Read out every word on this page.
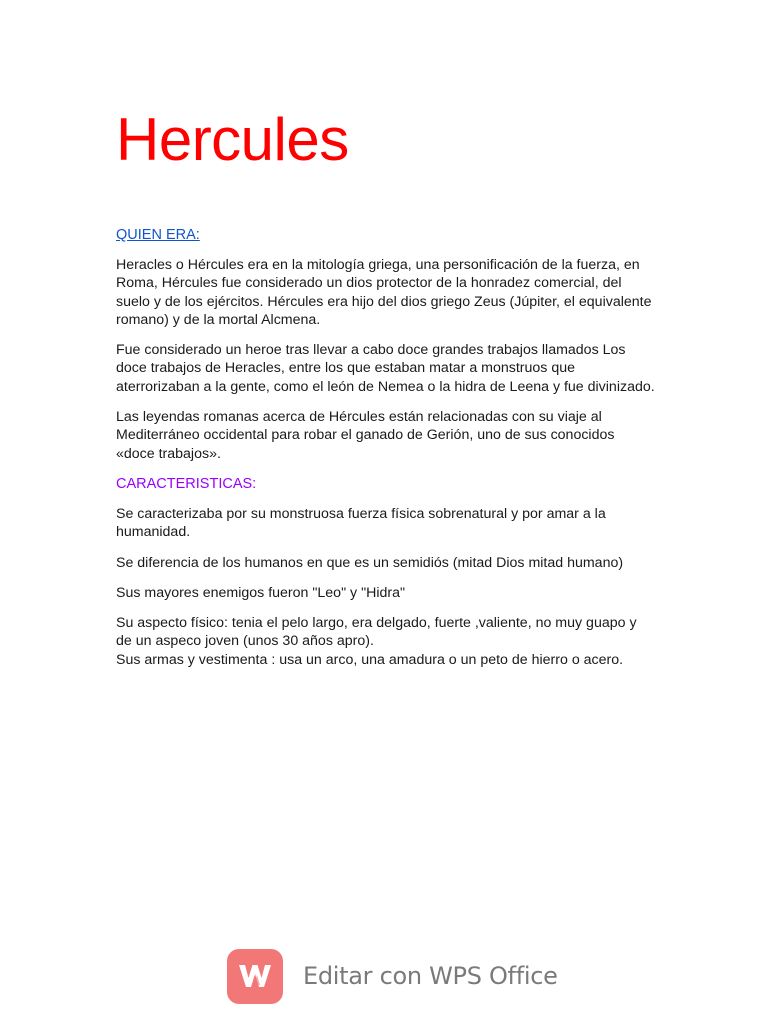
Hercules

QUIEN ERA:

Heracles o Hércules era en la mitología griega, una personificación de la fuerza, en Roma, Hércules fue considerado un dios protector de la honradez comercial, del suelo y de los ejércitos. Hércules era hijo del dios griego Zeus (Júpiter, el equivalente romano) y de la mortal Alcmena.

Fue considerado un heroe tras llevar a cabo doce grandes trabajos llamados Los doce trabajos de Heracles, entre los que estaban matar a monstruos que aterrorizaban a la gente, como el león de Nemea o la hidra de Leena y fue divinizado.

Las leyendas romanas acerca de Hércules están relacionadas con su viaje al Mediterráneo occidental para robar el ganado de Gerión, uno de sus conocidos «doce trabajos».

CARACTERISTICAS:

Se caracterizaba por su monstruosa fuerza física sobrenatural y por amar a la humanidad.

Se diferencia de los humanos en que es un semidiós (mitad Dios mitad humano)

Sus mayores enemigos fueron "Leo" y "Hidra"

Su aspecto físico: tenia el pelo largo, era delgado, fuerte ,valiente, no muy guapo y de un aspeco joven (unos 30 años apro).

Sus armas y vestimenta : usa un arco, una amadura o un peto de hierro o acero.

Editar con WPS Office
